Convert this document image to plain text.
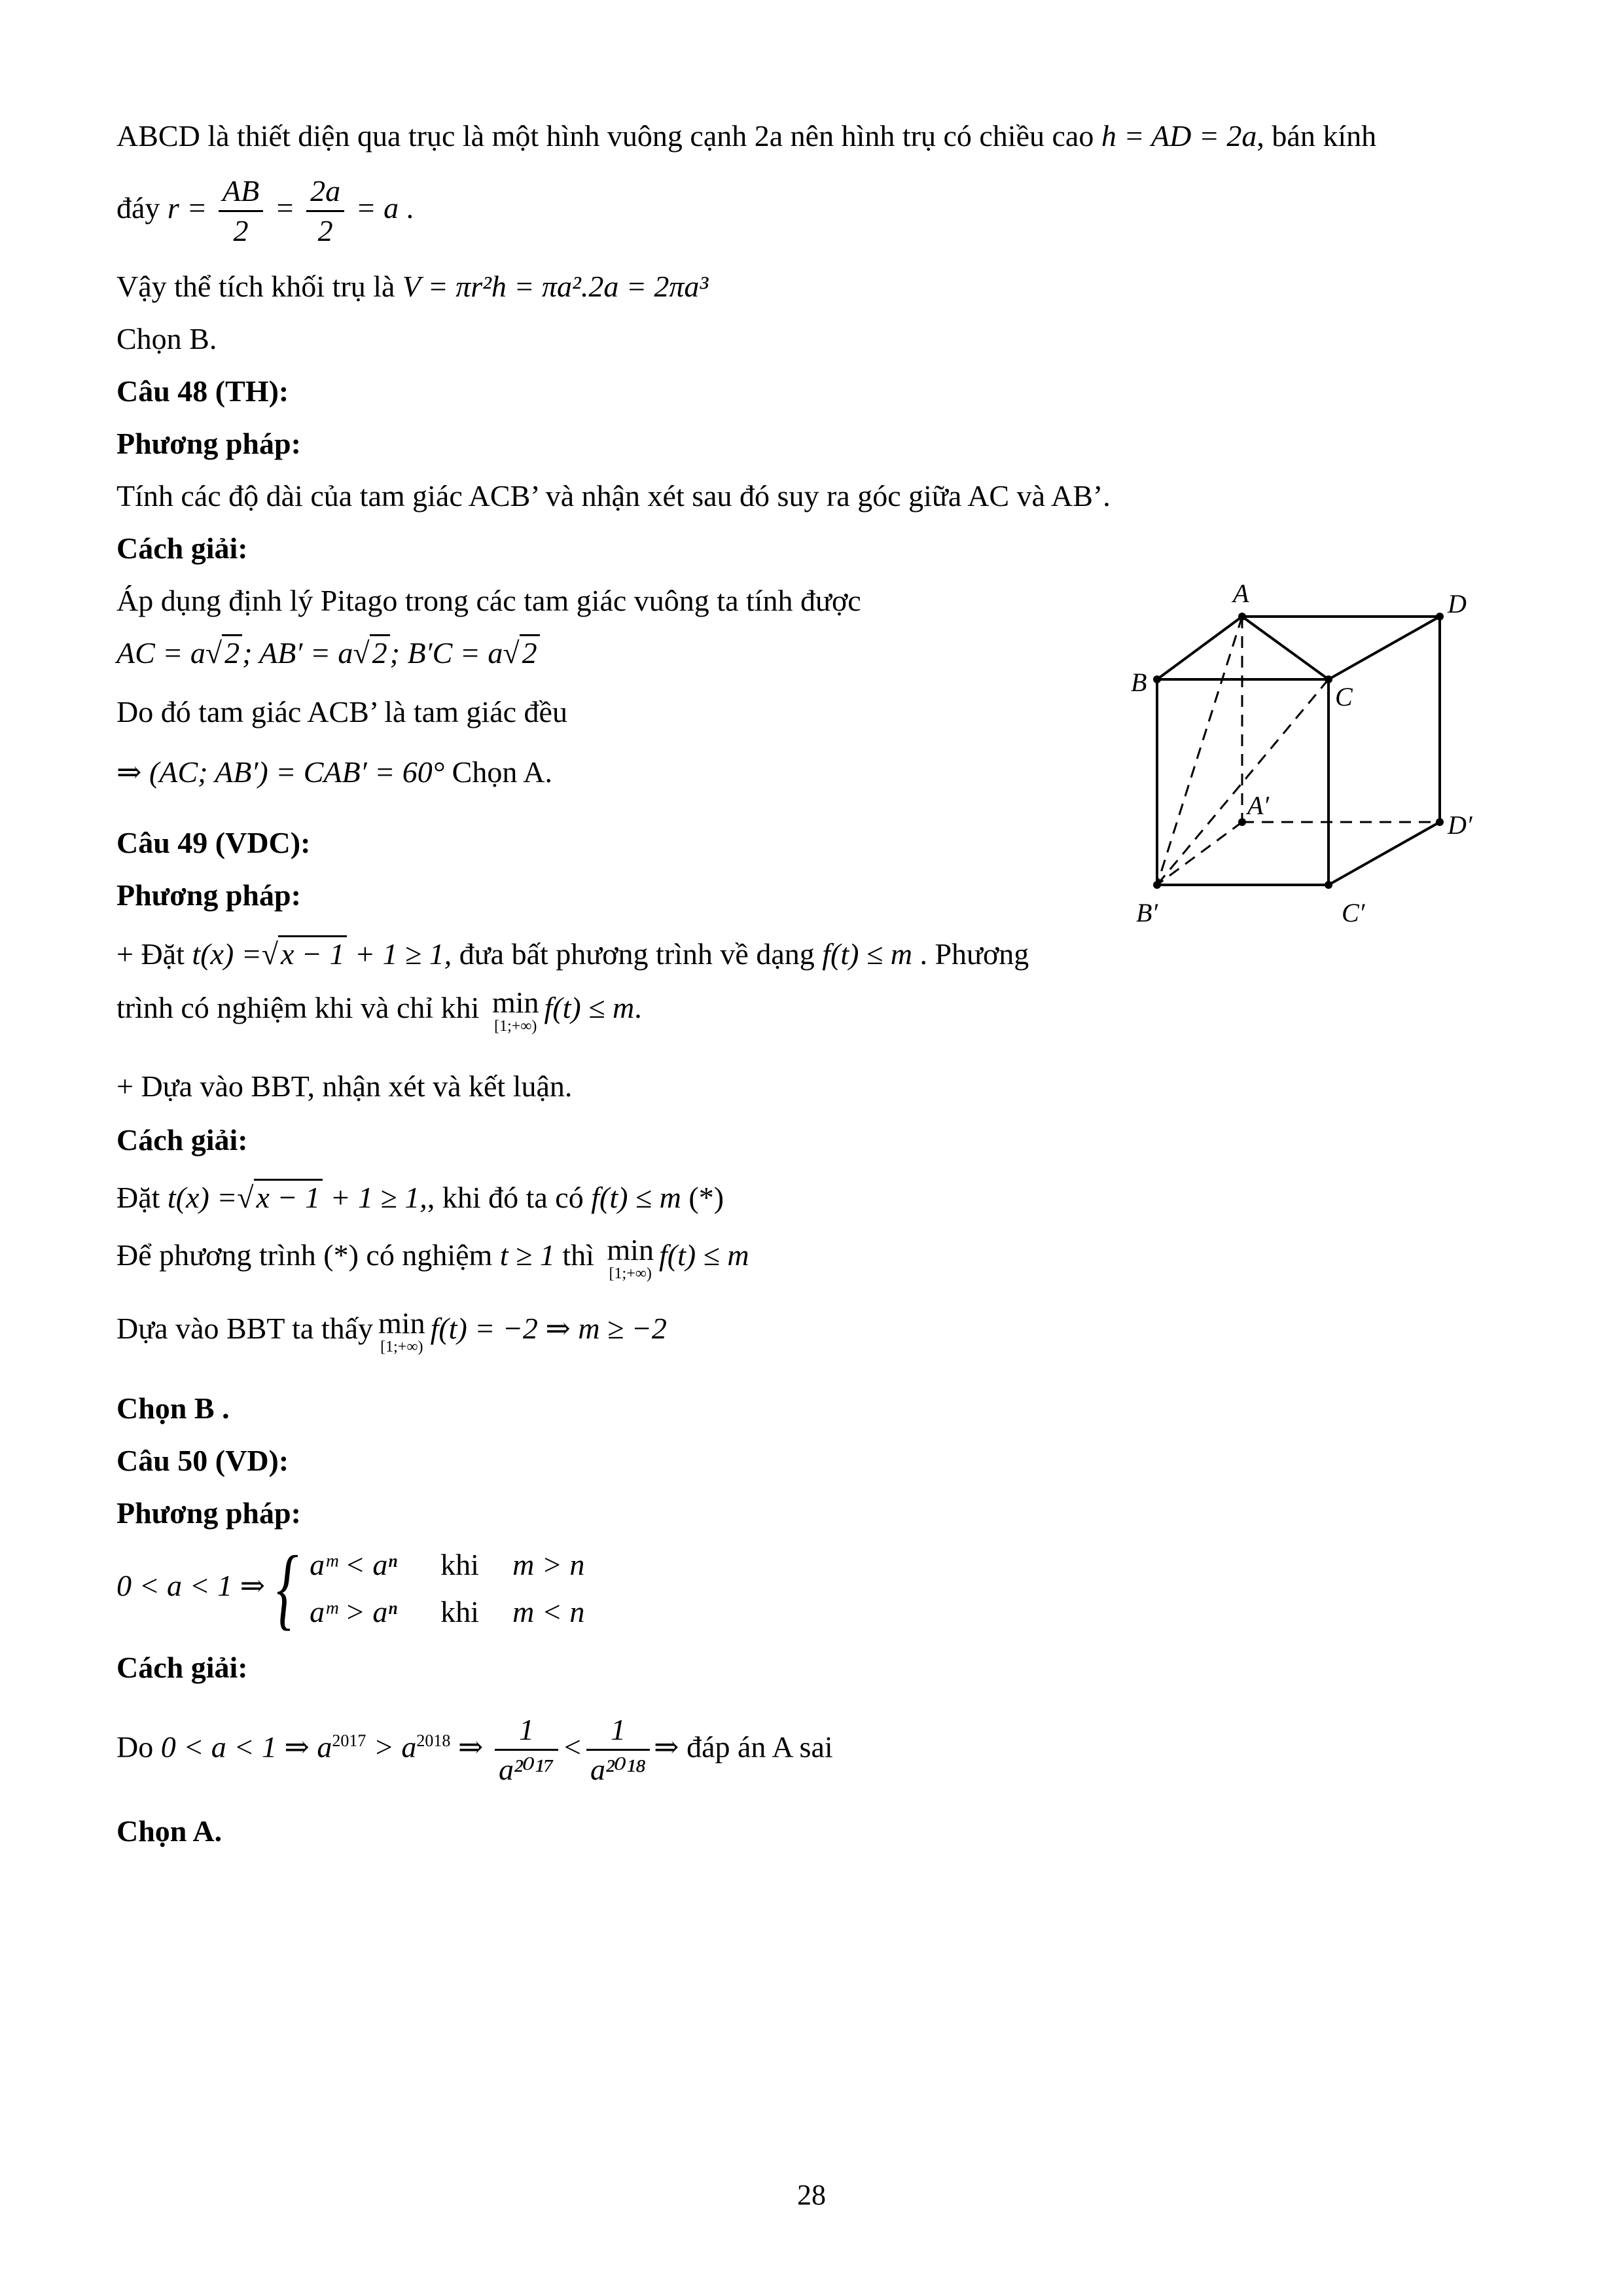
ABCD là thiết diện qua trục là một hình vuông cạnh 2a nên hình trụ có chiều cao h = AD = 2a, bán kính
đáy $r = \frac{AB}{2} = \frac{2a}{2} = a$ .
Vậy thể tích khối trụ là V = πr²h = πa².2a = 2πa³
Chọn B.
Câu 48 (TH):
Phương pháp:
Tính các độ dài của tam giác ACB’ và nhận xét sau đó suy ra góc giữa AC và AB’.
Cách giải:
Áp dụng định lý Pitago trong các tam giác vuông ta tính được
AC = a√2; AB′ = a√2; B′C = a√2
Do đó tam giác ACB’ là tam giác đều
⇒ (AC; AB′) = CAB′ = 60° Chọn A.
A	D
B	C
A′
D′
B′	C′
Câu 49 (VDC):
Phương pháp:
+ Đặt t(x) =√x − 1 + 1 ≥ 1, đưa bất phương trình về dạng f(t) ≤ m . Phương
trình có nghiệm khi và chỉ khi min
[1;+∞)
f(t) ≤ m.
+ Dựa vào BBT, nhận xét và kết luận.
Cách giải:
Đặt t(x) =√x − 1 + 1 ≥ 1,, khi đó ta có f(t) ≤ m (*)
Để phương trình (*) có nghiệm t ≥ 1 thì min
[1;+∞)
f(t) ≤ m
Dựa vào BBT ta thấy min
[1;+∞)
f(t) = −2 ⇒ m ≥ −2
Chọn B .
Câu 50 (VD):
Phương pháp:
0 < a < 1 ⇒ { aᵐ < aⁿ khi m > n
aᵐ > aⁿ khi m < n
Cách giải:
Do 0 < a < 1 ⇒ $a^{2017} > a^{2018}$ ⇒ $\frac{1}{\text{a²⁰¹⁷}} < \frac{1}{\text{a²⁰¹⁸}}$ ⇒ đáp án A sai
Chọn A.
28
